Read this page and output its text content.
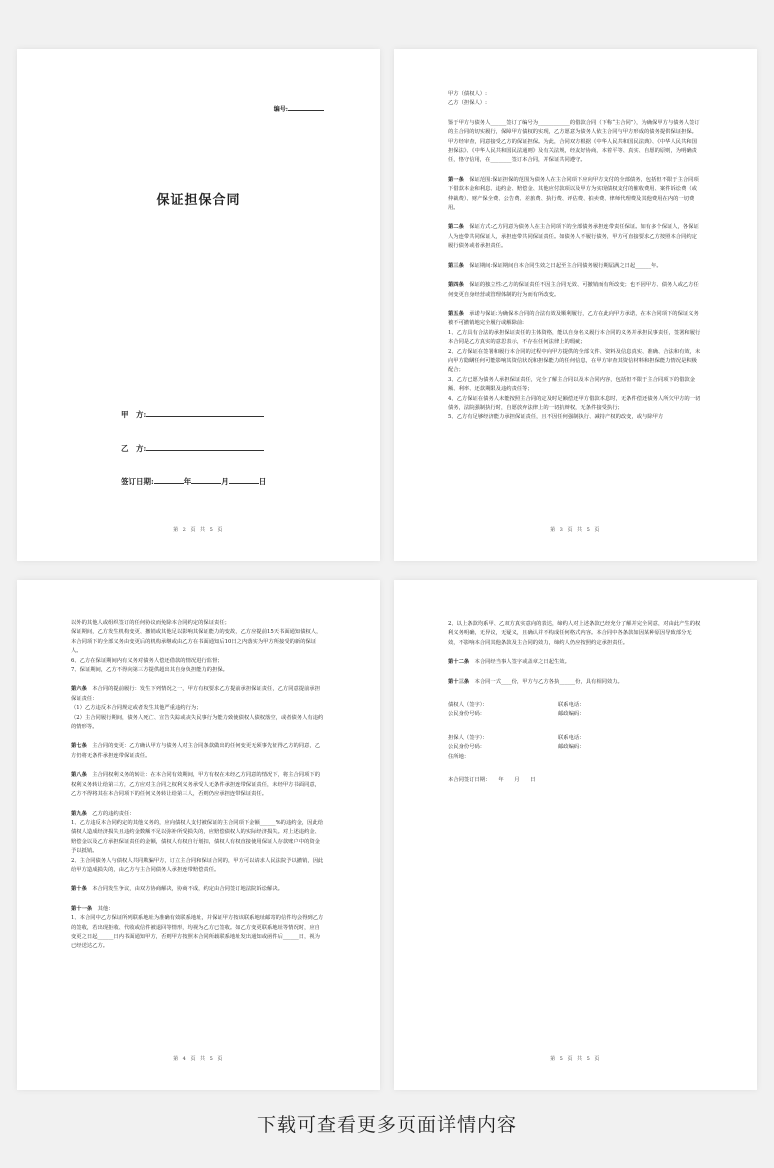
编号:
保证担保合同
甲　方:
乙　方:
签订日期:	年	月	日
第 2 页 共 5 页

甲方（债权人）:

乙方（担保人）:

鉴于甲方与债务人______签订了编号为____________的借款合同（下称“主合同”），为确保甲方与债务人签订的主合同的切实履行，保障甲方债权的实现，乙方愿意为债务人依主合同与甲方形成的债务提供保证担保。甲方经审查，同意接受乙方的保证担保。为此，合同双方根据《中华人民共和国民法典》、《中华人民共和国担保法》、《中华人民共和国民法通则》及有关法规，经友好协商，本着平等、真实、自愿的原则，为明确责任，恪守信用，在________签订本合同，并保证共同遵守。

第一条　 保证范围:保证担保的范围为债务人在主合同项下应向甲方支付的全部债务，包括但不限于主合同项下借款本金和利息、违约金、赔偿金、其他应付款项以及甲方为实现债权支付的催收费用、案件诉讼费（或仲裁费）、财产保全费、公告费、差旅费、执行费、评估费、拍卖费、律师代理费及其他费用在内的一切费用。

第二条　 保证方式:乙方同意为债务人在主合同项下的全部债务承担连带责任保证。如有多个保证人，各保证人为连带共同保证人，承担连带共同保证责任。如债务人不履行债务，甲方可直接要求乙方按照本合同约定履行债务或者承担责任。

第三条　 保证期间:保证期间自本合同生效之日起至主合同债务履行期届满之日起______年。

第四条　 保证的独立性:乙方的保证责任不因主合同无效、可撤销而有所改变；也不因甲方、债务人或乙方任何变更自身经营或管理体制的行为而有所改变。

第五条　 承诺与保证:为确保本合同的合法有效及顺利履行，乙方在此向甲方承诺，在本合同项下的保证义务被不可撤销地完全履行或解除前:

1、乙方具有合法的承担保证责任的主体资格，能以自身名义履行本合同的义务并承担民事责任，签署和履行本合同是乙方真实的意思表示，不存在任何法律上的瑕疵；

2、乙方保证在签署和履行本合同的过程中向甲方提供的全部文件、资料及信息真实、准确、合法和有效，未向甲方隐瞒任何可能影响其资信状况和担保能力的任何信息，在甲方审查其资信材料和担保能力情况是积极配合；

3、乙方已愿为债务人承担保证责任，完全了解主合同以及本合同内容，包括但不限于主合同项下的借款金额、利率、还款期限及违约责任等；

4、乙方保证在债务人未能按照主合同的定及时足额偿还甲方借款本息时，无条件偿还债务人所欠甲方的一切债务，法院强制执行时，自愿放弃法律上的一切抗辩权，无条件接受执行；

5、乙方有足够经济能力承担保证责任，且不因任何强制执行、减持产权的改变，或与除甲方

第 3 页 共 5 页

以外的其他人或组织签订的任何协议而免除本合同约定的保证责任；

保证期间，乙方发生机构变更、撤销或其他足以影响其保证能力的变故，乙方应提前15天书面通知债权人，本合同项下的全部义务由变更后的机构承继或由乙方在书面通知后10日之内落实为甲方所接受的新的保证人。

6、乙方在保证期间内有义务对债务人偿还借款的情况进行监督；

7、保证期间，乙方不得向第三方提供超出其自身负担能力的担保。

第六条　 本合同的提前履行：发生下列情况之一，甲方有权要求乙方提前承担保证责任，乙方同意提前承担保证责任：

（1）乙方违反本合同规定或者发生其他严重违约行为；

（2）主合同履行期间，债务人死亡、宣告失踪或丧失民事行为能力致使债权人债权落空，或者债务人有违约的情形等。

第七条　 主合同的变更：乙方确认甲方与债务人对主合同条款做出的任何变更无须事先征得乙方的同意，乙方仍将无条件承担连带保证责任。

第八条　 主合同权利义务的转让：在本合同有效期间，甲方有权在未经乙方同意的情况下，将主合同项下的权利义务转让给第三方，乙方应对主合同之权利义务承受人无条件承担连带保证责任，未经甲方书面同意，乙方不得将其在本合同项下的任何义务转让给第三人，否则仍应承担连带保证责任。

第九条　 乙方的违约责任：

1、乙方违反本合同约定的其他义务的，应向债权人支付被保证的主合同项下金额______%的违约金，因此给债权人造成经济损失且违约金数额不足以弥补所受损失的，应赔偿债权人的实际经济损失。对上述违约金、赔偿金以及乙方承担保证责任的金额，债权人有权自行划扣，债权人有权直接使用保证人存款账户中的资金予以抵销。

2、主合同债务人与债权人共同欺骗甲方，订立主合同和保证合同的，甲方可以请求人民法院予以撤销，因此给甲方造成损失的，由乙方与主合同债务人承担连带赔偿责任。

第十条　 本合同发生争议，由双方协商解决，协商不成，约定由合同签订地法院诉讼解决。

第十一条　 其他：

1、本合同中乙方保证所列联系地址为准确有效联系地址，并保证甲方按该联系地址邮寄的信件均会得到乙方的签收，若出现拒收、代收或信件被退回等情形，均视为乙方已签收。如乙方变更联系地址等情况时，应自变更之日起______日内书面通知甲方，否则甲方按照本合同所载联系地址发出通知或函件后______日，视为已经送达乙方。

第 4 页 共 5 页

2、以上条款均系甲、乙双方真实意向的表达，缔约人对上述条款已经充分了解并完全同意，对由此产生的权利义务明确，无异议，无疑义，且确认并不构成任何格式内容。本合同中各条款如因某种原因导致部分无效，不影响本合同其他条款及主合同的效力，缔约人仍应按照约定承担责任。

第十二条　 本合同经当事人签字或盖章之日起生效。

第十三条　 本合同一式____份，甲方与乙方各执______份，具有相同效力。

债权人（签字）：	联系电话：
公民身份号码：	邮政编码：
担保人（签字）：	联系电话：
公民身份号码：	邮政编码：
住所地：

本合同签订日期：　　年　　月　　日

第 5 页 共 5 页
下载可查看更多页面详情内容
